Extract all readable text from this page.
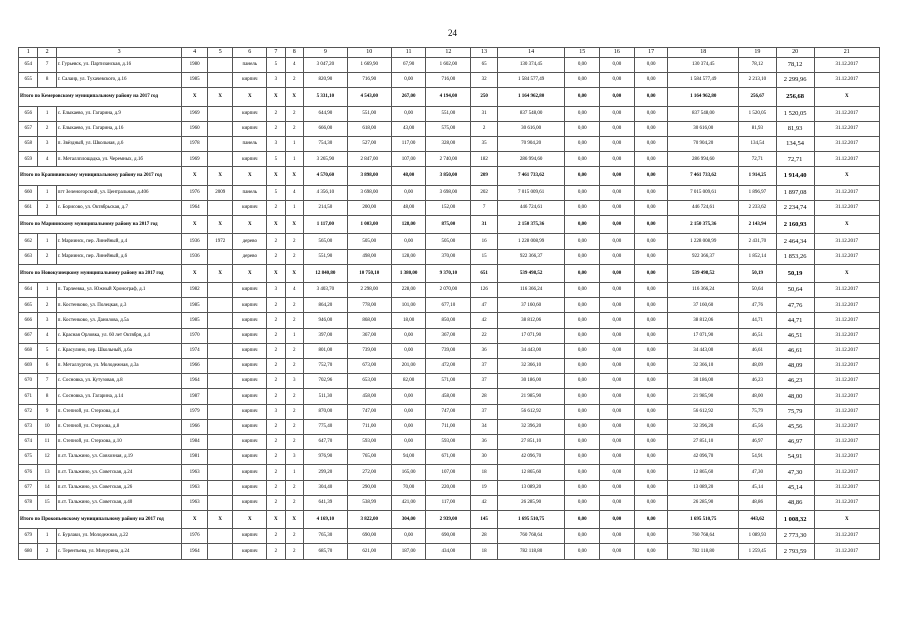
24
1	2	3	4	5	6	7	8	9	10	11	12	13	14	15	16	17	18	19	20	21
654	7	г. Гурьевск, ул. Партизанская, д.16	1980		панель	5	4	3 047,20	1 669,90	67,90	1 602,00	65	130 374,45	0,00	0,00	0,00	130 374,45	78,12	78,12	31.12.2017
655	8	г. Салаир, ул. Тухачевского, д.16	1985		кирпич	3	2	820,90	716,90	0,00	716,00	32	1 584 577,49	0,00	0,00	0,00	1 584 577,49	2 213,10	2 299,96	31.12.2017
Итого по Кемеровскому муниципальному району на 2017 год			X	X	X	X	X	5 331,10	4 543,00	267,00	4 194,00	250	1 164 962,80	0,00	0,00	0,00	1 164 962,80	256,67	256,68	X
656	1	с. Елыкаево, ул. Гагарина, д.9	1969		кирпич	2	2	644,90	551,00	0,00	551,00	31	837 548,00	0,00	0,00	0,00	837 548,00	1 520,05	1 520,05	31.12.2017
657	2	с. Елыкаево, ул. Гагарина, д.16	1960		кирпич	2	2	666,00	618,00	43,00	575,00	2	30 616,00	0,00	0,00	0,00	30 616,00	81,93	81,93	31.12.2017
658	3	п. Звёздный, ул. Школьная, д.6	1978		панель	3	1	754,30	527,00	117,00	328,00	35	70 904,20	0,00	0,00	0,00	70 904,20	134,54	134,54	31.12.2017
659	4	п. Металлплощадка, ул. Черемных, д.1б	1969		кирпич	5	1	3 265,90	2 847,00	107,00	2 740,00	182	286 994,60	0,00	0,00	0,00	286 994,60	72,71	72,71	31.12.2017
Итого по Крапивинскому муниципальному району на 2017 год			X	X	X	X	X	4 570,60	3 898,00	48,00	3 850,00	209	7 461 733,62	0,00	0,00	0,00	7 461 733,62	1 914,25	1 914,40	X
660	1	пгт Зеленогорский, ул. Центральная, д.406	1976	2009	панель	5	4	4 356,10	3 698,00	0,00	3 698,00	202	7 015 009,61	0,00	0,00	0,00	7 015 009,61	1 896,97	1 897,08	31.12.2017
661	2	с. Борисово, ул. Октябрьская, д.7	1964		кирпич	2	1	214,50	200,00	48,00	152,00	7	446 724,61	0,00	0,00	0,00	446 724,61	2 233,62	2 234,74	31.12.2017
Итого по Мариинскому муниципальному району на 2017 год			X	X	X	X	X	1 117,00	1 003,00	128,00	875,00	31	2 150 375,36	0,00	0,00	0,00	2 150 375,36	2 143,94	2 160,93	X
662	1	г. Мариинск, пер. Линейный, д.4	1936	1972	дерево	2	2	565,00	505,00	0,00	505,00	16	1 228 008,99	0,00	0,00	0,00	1 228 008,99	2 431,70	2 464,34	31.12.2017
663	2	г. Мариинск, пер. Линейный, д.6	1936		дерево	2	2	551,90	498,00	128,00	370,00	15	922 366,37	0,00	0,00	0,00	922 366,37	1 852,14	1 853,26	31.12.2017
Итого по Новокузнецкому муниципальному району на 2017 год			X	X	X	X	X	12 840,80	10 750,10	1 380,00	9 370,10	651	539 498,52	0,00	0,00	0,00	539 498,52	50,19	50,19	X
664	1	п. Тарлеевка, ул. Южный Хронограф, д.1	1982		кирпич	3	4	3 403,70	2 298,00	228,00	2 070,00	126	116 366,24	0,00	0,00	0,00	116 366,24	50,64	50,64	31.12.2017
665	2	п. Костенково, ул. Полецкая, д.3	1985		кирпич	2	2	864,20	778,00	101,00	677,10	47	37 160,60	0,00	0,00	0,00	37 160,60	47,76	47,76	31.12.2017
666	3	п. Костенково, ул. Данилова, д.5а	1985		кирпич	2	2	946,00	868,00	18,00	850,00	42	38 812,06	0,00	0,00	0,00	38 812,06	44,71	44,71	31.12.2017
667	4	с. Красная Орловка, ул. 60 лет Октября, д.4	1970		кирпич	2	1	397,00	367,00	0,00	367,00	22	17 071,90	0,00	0,00	0,00	17 071,90	46,51	46,51	31.12.2017
668	5	с. Красулино, пер. Школьный, д.6а	1974		кирпич	2	2	801,00	739,00	0,00	739,00	36	34 443,00	0,00	0,00	0,00	34 443,00	46,61	46,61	31.12.2017
669	6	п. Металлургов, ул. Молодежная, д.3а	1966		кирпич	2	2	752,70	673,00	201,00	472,00	37	32 366,10	0,00	0,00	0,00	32 366,10	48,09	48,09	31.12.2017
670	7	с. Сосновка, ул. Кутузовая, д.8	1964		кирпич	2	3	702,96	653,00	82,00	571,00	37	30 186,00	0,00	0,00	0,00	30 186,00	46,23	46,23	31.12.2017
671	8	с. Сосновка, ул. Гагарина, д.14	1987		кирпич	2	2	511,30	458,00	0,00	458,00	28	21 985,90	0,00	0,00	0,00	21 985,90	48,00	48,00	31.12.2017
672	9	п. Степной, ул. Стерхова, д.4	1979		кирпич	3	2	870,00	747,00	0,00	747,00	37	56 612,92	0,00	0,00	0,00	56 612,92	75,79	75,79	31.12.2017
673	10	п. Степной, ул. Стерхова, д.8	1966		кирпич	2	2	775,40	711,00	0,00	711,00	34	32 396,20	0,00	0,00	0,00	32 396,20	45,56	45,56	31.12.2017
674	11	п. Степной, ул. Стерхова, д.10	1984		кирпич	2	2	647,70	593,00	0,00	593,00	36	27 851,10	0,00	0,00	0,00	27 851,10	46,97	46,97	31.12.2017
675	12	п.ст. Тальжино, ул. Совхозная, д.19	1981		кирпич	2	3	976,90	765,00	94,00	671,00	30	42 096,70	0,00	0,00	0,00	42 096,70	54,91	54,91	31.12.2017
676	13	п.ст. Тальжино, ул. Советская, д.24	1963		кирпич	2	1	299,20	272,00	165,00	107,00	18	12 865,60	0,00	0,00	0,00	12 865,60	47,30	47,30	31.12.2017
677	14	п.ст. Тальжино, ул. Советская, д.26	1963		кирпич	2	2	304,40	290,00	70,00	220,00	19	13 089,20	0,00	0,00	0,00	13 089,20	45,14	45,14	31.12.2017
678	15	п.ст. Тальжино, ул. Советская, д.40	1963		кирпич	2	2	641,39	538,99	421,00	117,00	42	26 285,90	0,00	0,00	0,00	26 285,90	48,86	48,86	31.12.2017
Итого по Прокопьевскому муниципальному району на 2017 год			X	X	X	X	X	4 169,10	3 822,00	304,00	2 939,00	145	1 695 510,75	0,00	0,00	0,00	1 695 510,75	443,62	1 008,32	X
679	1	с. Бурлаки, ул. Молодежная, д.22	1976		кирпич	2	2	765,30	690,00	0,00	690,00	28	760 768,64	0,00	0,00	0,00	760 768,64	1 089,93	2 773,30	31.12.2017
680	2	с. Терентьева, ул. Мичурина, д.24	1964		кирпич	2	2	685,70	621,00	187,00	434,00	18	782 118,80	0,00	0,00	0,00	782 118,80	1 259,45	2 793,59	31.12.2017
